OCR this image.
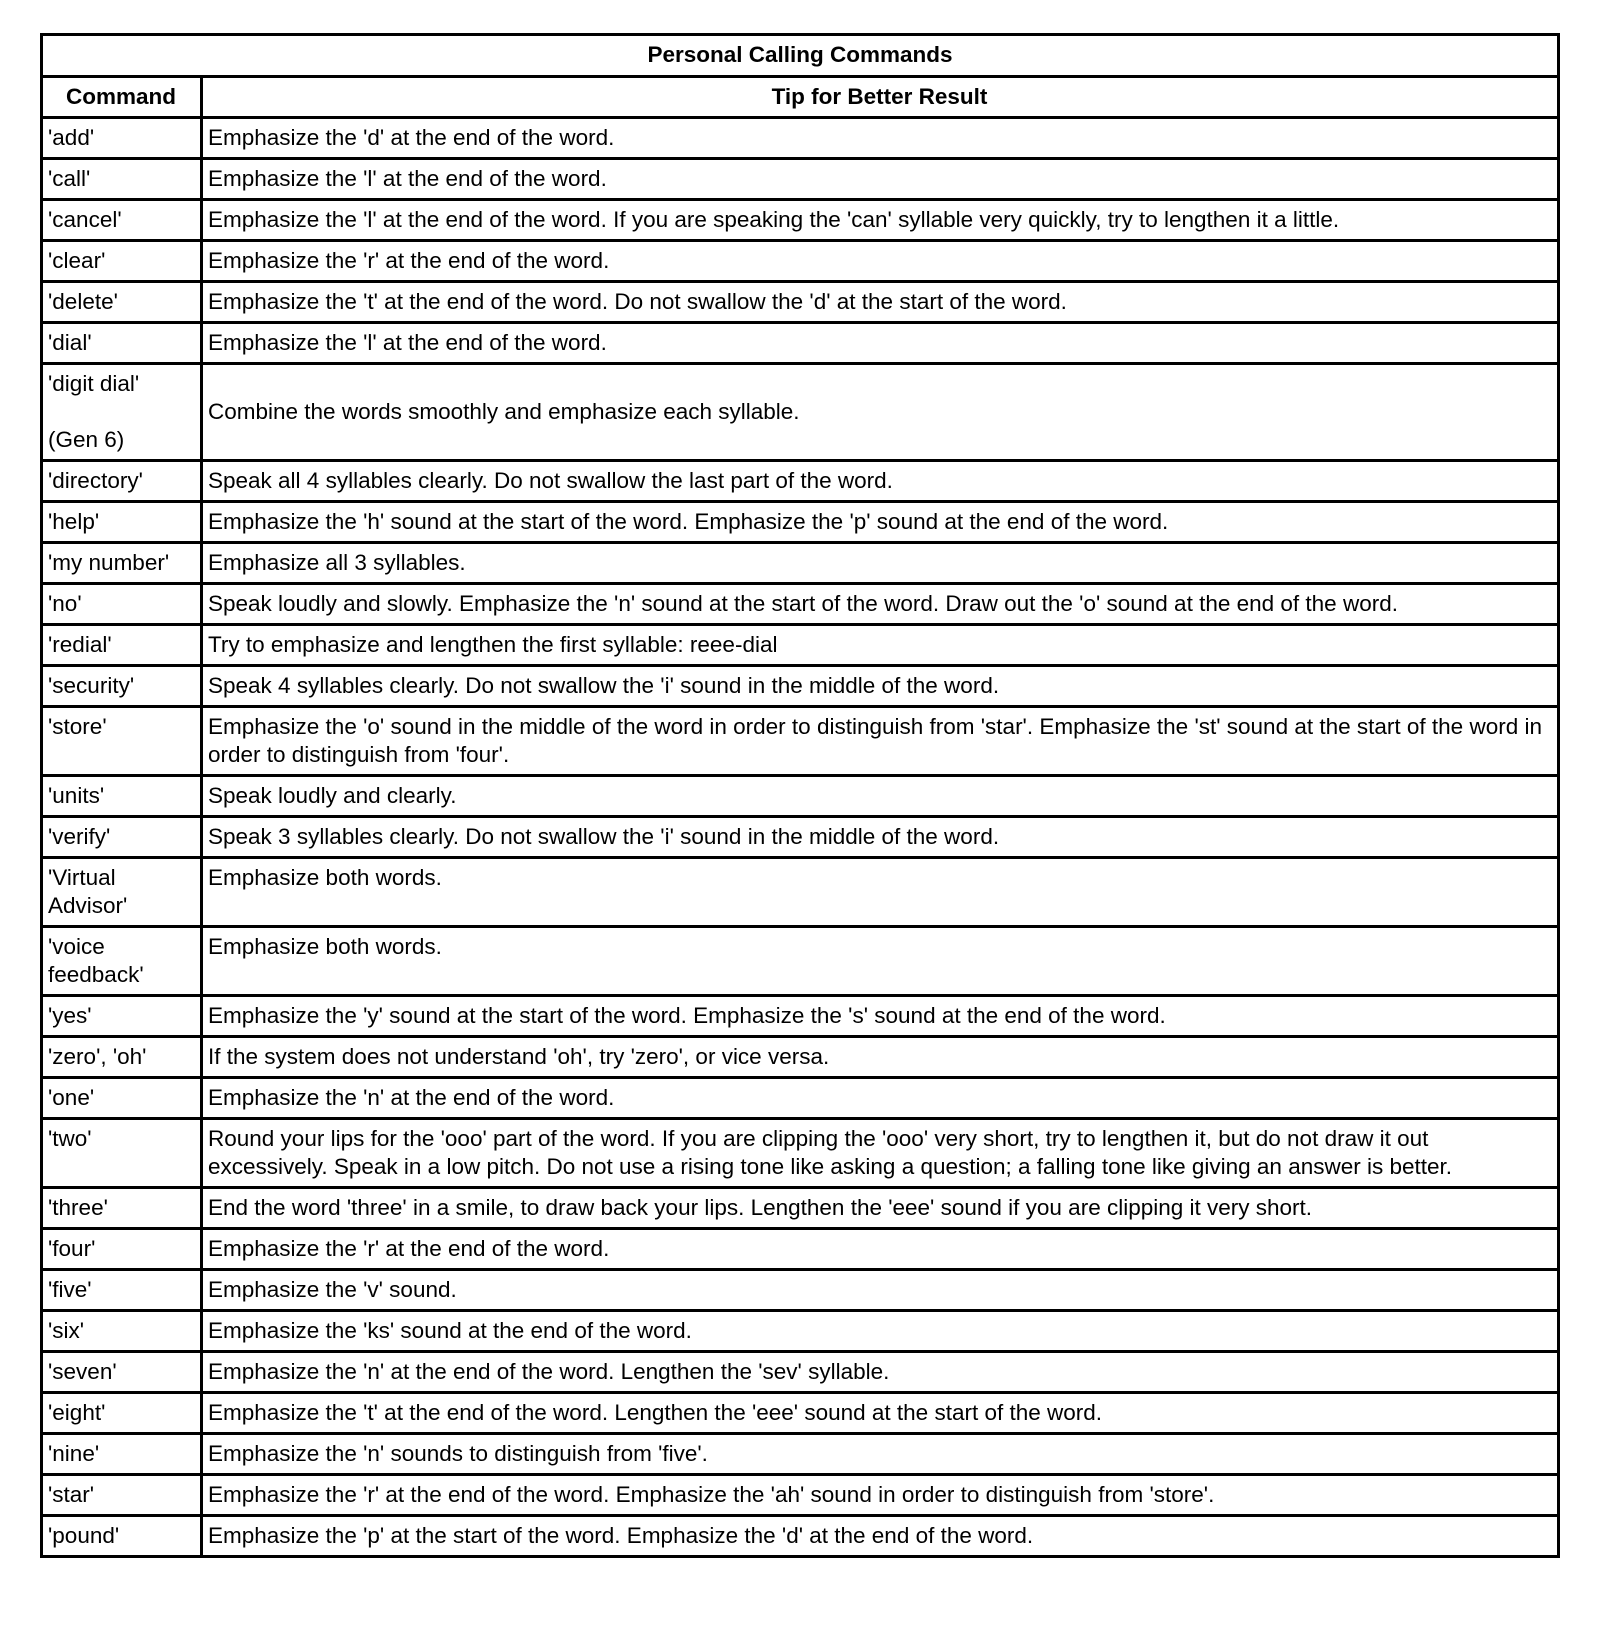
Personal Calling Commands	
Command	Tip for Better Result

'add'	Emphasize the 'd' at the end of the word.

'call'	Emphasize the 'l' at the end of the word.

'cancel'	Emphasize the 'l' at the end of the word. If you are speaking the 'can' syllable very quickly, try to lengthen it a little.

'clear'	Emphasize the 'r' at the end of the word.

'delete'	Emphasize the 't' at the end of the word. Do not swallow the 'd' at the start of the word.

'dial'	Emphasize the 'l' at the end of the word.

'digit dial'
(Gen 6)	Combine the words smoothly and emphasize each syllable.

'directory'	Speak all 4 syllables clearly. Do not swallow the last part of the word.

'help'	Emphasize the 'h' sound at the start of the word. Emphasize the 'p' sound at the end of the word.

'my number'	Emphasize all 3 syllables.

'no'	Speak loudly and slowly. Emphasize the 'n' sound at the start of the word. Draw out the 'o' sound at the end of the word.

'redial'	Try to emphasize and lengthen the first syllable: reee-dial

'security'	Speak 4 syllables clearly. Do not swallow the 'i' sound in the middle of the word.

'store'	Emphasize the 'o' sound in the middle of the word in order to distinguish from 'star'. Emphasize the 'st' sound at the start of the word in order to distinguish from 'four'.

'units'	Speak loudly and clearly.

'verify'	Speak 3 syllables clearly. Do not swallow the 'i' sound in the middle of the word.

'Virtual Advisor'	Emphasize both words.

'voice feedback'	Emphasize both words.

'yes'	Emphasize the 'y' sound at the start of the word. Emphasize the 's' sound at the end of the word.

'zero', 'oh'	If the system does not understand 'oh', try 'zero', or vice versa.

'one'	Emphasize the 'n' at the end of the word.

'two'	Round your lips for the 'ooo' part of the word. If you are clipping the 'ooo' very short, try to lengthen it, but do not draw it out excessively. Speak in a low pitch. Do not use a rising tone like asking a question; a falling tone like giving an answer is better.

'three'	End the word 'three' in a smile, to draw back your lips. Lengthen the 'eee' sound if you are clipping it very short.

'four'	Emphasize the 'r' at the end of the word.

'five'	Emphasize the 'v' sound.

'six'	Emphasize the 'ks' sound at the end of the word.

'seven'	Emphasize the 'n' at the end of the word. Lengthen the 'sev' syllable.

'eight'	Emphasize the 't' at the end of the word. Lengthen the 'eee' sound at the start of the word.

'nine'	Emphasize the 'n' sounds to distinguish from 'five'.

'star'	Emphasize the 'r' at the end of the word. Emphasize the 'ah' sound in order to distinguish from 'store'.

'pound'	Emphasize the 'p' at the start of the word. Emphasize the 'd' at the end of the word.
